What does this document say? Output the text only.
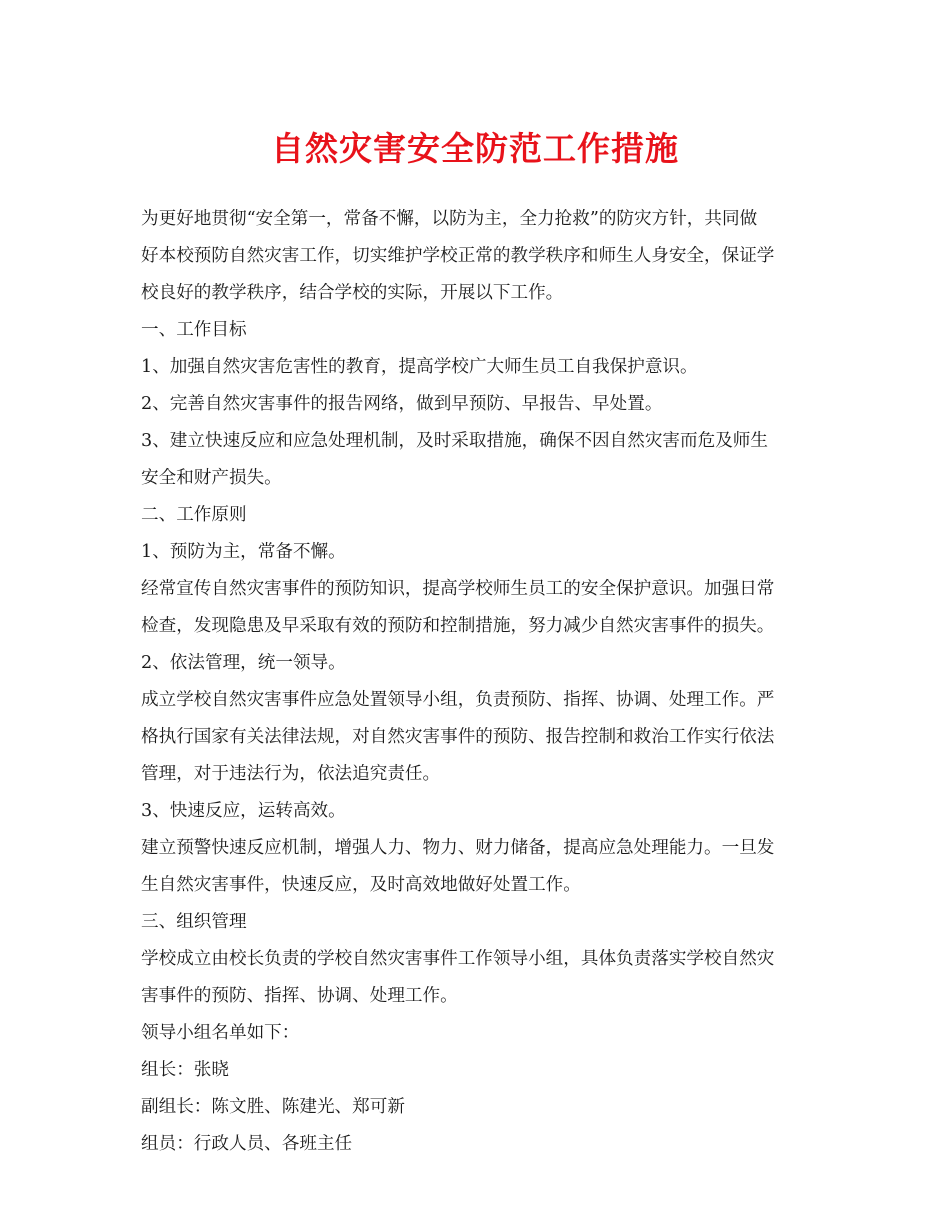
自然灾害安全防范工作措施
为更好地贯彻“安全第一，常备不懈，以防为主，全力抢救”的防灾方针，共同做
好本校预防自然灾害工作，切实维护学校正常的教学秩序和师生人身安全，保证学
校良好的教学秩序，结合学校的实际，开展以下工作。
一、工作目标
1、加强自然灾害危害性的教育，提高学校广大师生员工自我保护意识。
2、完善自然灾害事件的报告网络，做到早预防、早报告、早处置。
3、建立快速反应和应急处理机制，及时采取措施，确保不因自然灾害而危及师生
安全和财产损失。
二、工作原则
1、预防为主，常备不懈。
经常宣传自然灾害事件的预防知识，提高学校师生员工的安全保护意识。加强日常
检查，发现隐患及早采取有效的预防和控制措施，努力减少自然灾害事件的损失。
2、依法管理，统一领导。
成立学校自然灾害事件应急处置领导小组，负责预防、指挥、协调、处理工作。严
格执行国家有关法律法规，对自然灾害事件的预防、报告控制和救治工作实行依法
管理，对于违法行为，依法追究责任。
3、快速反应，运转高效。
建立预警快速反应机制，增强人力、物力、财力储备，提高应急处理能力。一旦发
生自然灾害事件，快速反应，及时高效地做好处置工作。
三、组织管理
学校成立由校长负责的学校自然灾害事件工作领导小组，具体负责落实学校自然灾
害事件的预防、指挥、协调、处理工作。
领导小组名单如下：
组长：张晓
副组长：陈文胜、陈建光、郑可新
组员：行政人员、各班主任
